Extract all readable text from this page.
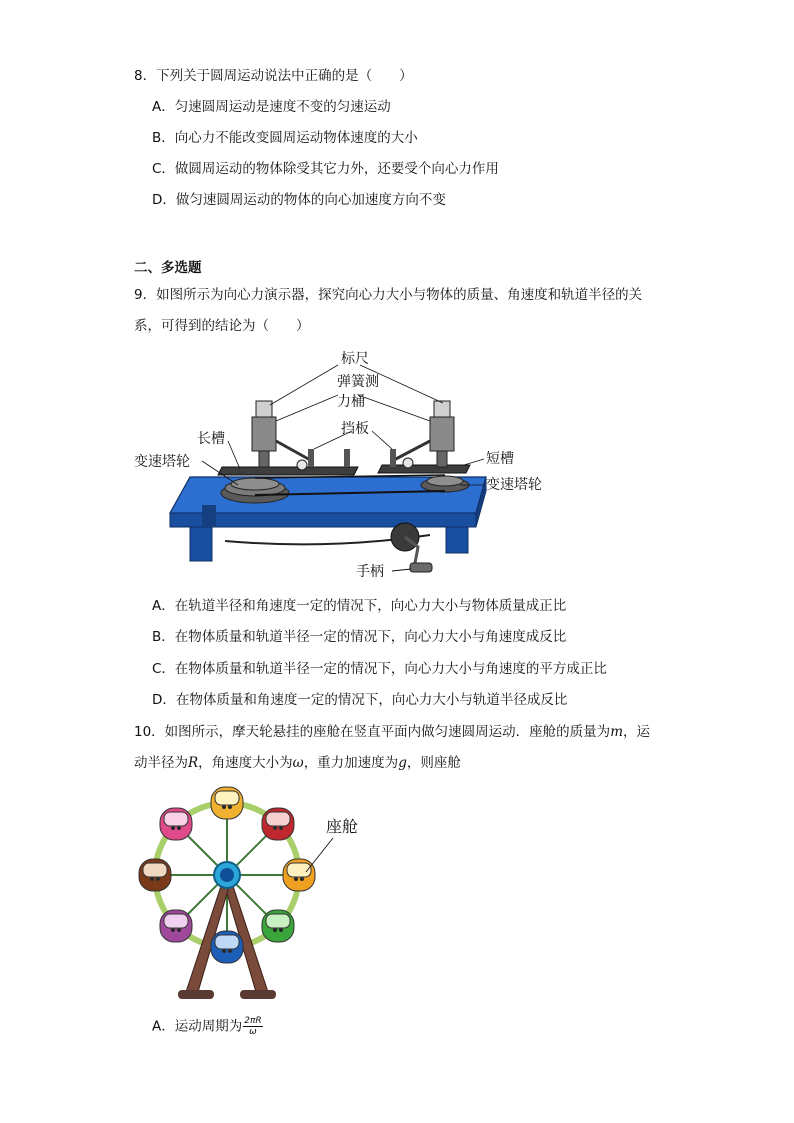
8．下列关于圆周运动说法中正确的是（　　）
A．匀速圆周运动是速度不变的匀速运动
B．向心力不能改变圆周运动物体速度的大小
C．做圆周运动的物体除受其它力外，还要受个向心力作用
D．做匀速圆周运动的物体的向心加速度方向不变
二、多选题
9．如图所示为向心力演示器，探究向心力大小与物体的质量、角速度和轨道半径的关
系，可得到的结论为（　　）
标尺
弹簧测
力桶
挡板
长槽
变速塔轮	短槽
变速塔轮
手柄
A．在轨道半径和角速度一定的情况下，向心力大小与物体质量成正比
B．在物体质量和轨道半径一定的情况下，向心力大小与角速度成反比
C．在物体质量和轨道半径一定的情况下，向心力大小与角速度的平方成正比
D．在物体质量和角速度一定的情况下，向心力大小与轨道半径成反比
10．如图所示，摩天轮悬挂的座舱在竖直平面内做匀速圆周运动．座舱的质量为m，运
动半径为R，角速度大小为ω，重力加速度为g，则座舱
座舱
A．运动周期为 $\frac{2\pi R}{\omega}$
